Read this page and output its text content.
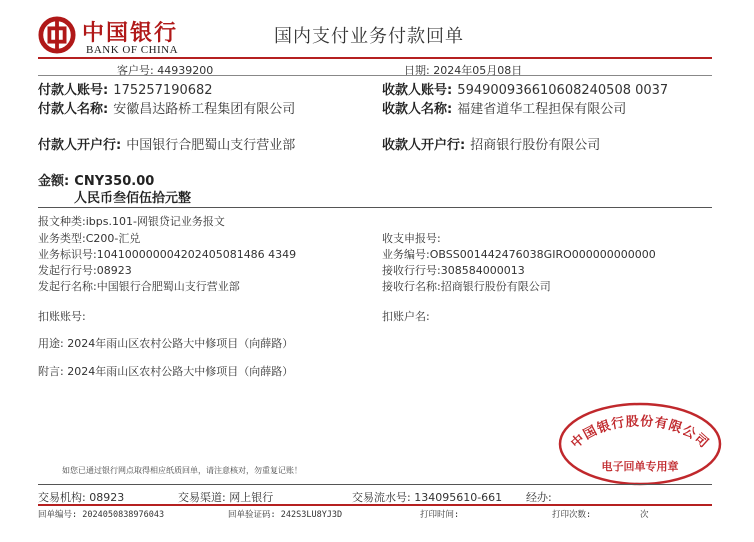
中国银行
BANK OF CHINA
国内支付业务付款回单
客户号: 44939200	日期: 2024年05月08日
付款人账号: 175257190682
付款人名称: 安徽昌达路桥工程集团有限公司
付款人开户行: 中国银行合肥蜀山支行营业部
收款人账号: 594900936610608240508 0037
收款人名称: 福建省道华工程担保有限公司
收款人开户行: 招商银行股份有限公司
金额: CNY350.00
人民币叁佰伍拾元整
报文种类:ibps.101-网银贷记业务报文
业务类型:C200-汇兑
业务标识号:104100000004202405081486 4349
发起行行号:08923
发起行名称:中国银行合肥蜀山支行营业部
收支申报号:
业务编号:OBSS001442476038GIRO000000000000
接收行行号:308584000013
接收行名称:招商银行股份有限公司
扣账账号:	扣账户名:
用途: 2024年雨山区农村公路大中修项目（向薛路）
附言: 2024年雨山区农村公路大中修项目（向薛路）
如您已通过银行网点取得相应纸质回单，请注意核对，勿重复记账！
中国银行股份有限公司
电子回单专用章
交易机构: 08923	交易渠道: 网上银行	交易流水号: 134095610-661 经办:
回单编号: 2024050838976043	回单验证码: 242S3LU8YJ3D	打印时间:	打印次数:	次
